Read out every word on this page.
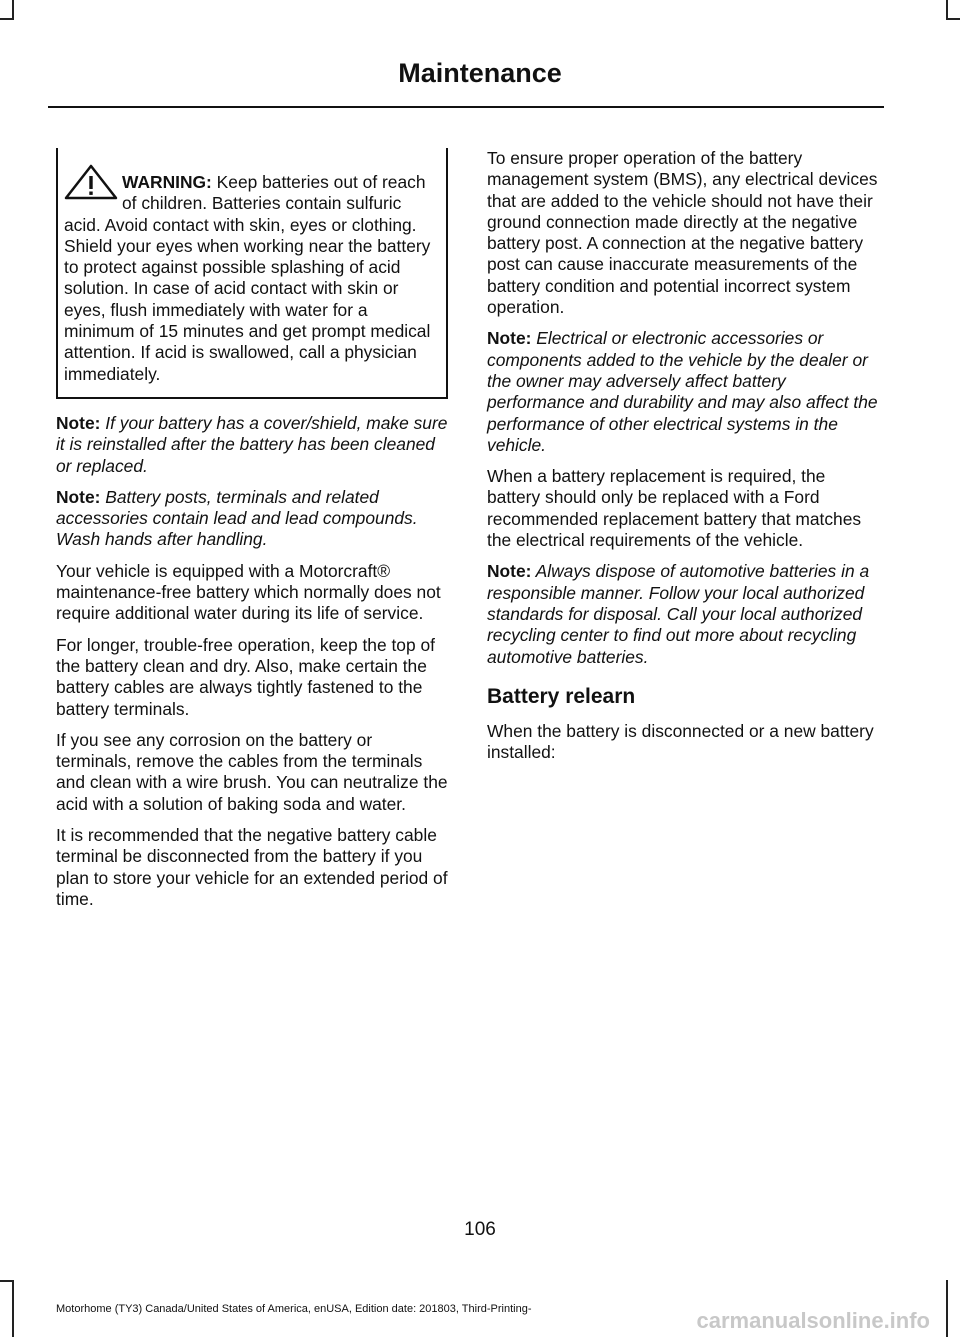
Maintenance
WARNING: Keep batteries out of reach of children. Batteries contain sulfuric acid. Avoid contact with skin, eyes or clothing. Shield your eyes when working near the battery to protect against possible splashing of acid solution. In case of acid contact with skin or eyes, flush immediately with water for a minimum of 15 minutes and get prompt medical attention. If acid is swallowed, call a physician immediately.

Note: If your battery has a cover/shield, make sure it is reinstalled after the battery has been cleaned or replaced.

Note: Battery posts, terminals and related accessories contain lead and lead compounds. Wash hands after handling.

Your vehicle is equipped with a Motorcraft® maintenance-free battery which normally does not require additional water during its life of service.

For longer, trouble-free operation, keep the top of the battery clean and dry. Also, make certain the battery cables are always tightly fastened to the battery terminals.

If you see any corrosion on the battery or terminals, remove the cables from the terminals and clean with a wire brush. You can neutralize the acid with a solution of baking soda and water.

It is recommended that the negative battery cable terminal be disconnected from the battery if you plan to store your vehicle for an extended period of time.

To ensure proper operation of the battery management system (BMS), any electrical devices that are added to the vehicle should not have their ground connection made directly at the negative battery post. A connection at the negative battery post can cause inaccurate measurements of the battery condition and potential incorrect system operation.

Note: Electrical or electronic accessories or components added to the vehicle by the dealer or the owner may adversely affect battery performance and durability and may also affect the performance of other electrical systems in the vehicle.

When a battery replacement is required, the battery should only be replaced with a Ford recommended replacement battery that matches the electrical requirements of the vehicle.

Note: Always dispose of automotive batteries in a responsible manner. Follow your local authorized standards for disposal. Call your local authorized recycling center to find out more about recycling automotive batteries.

Battery relearn

When the battery is disconnected or a new battery installed:

106
Motorhome (TY3) Canada/United States of America, enUSA, Edition date: 201803, Third-Printing-	carmanualsonline.info
